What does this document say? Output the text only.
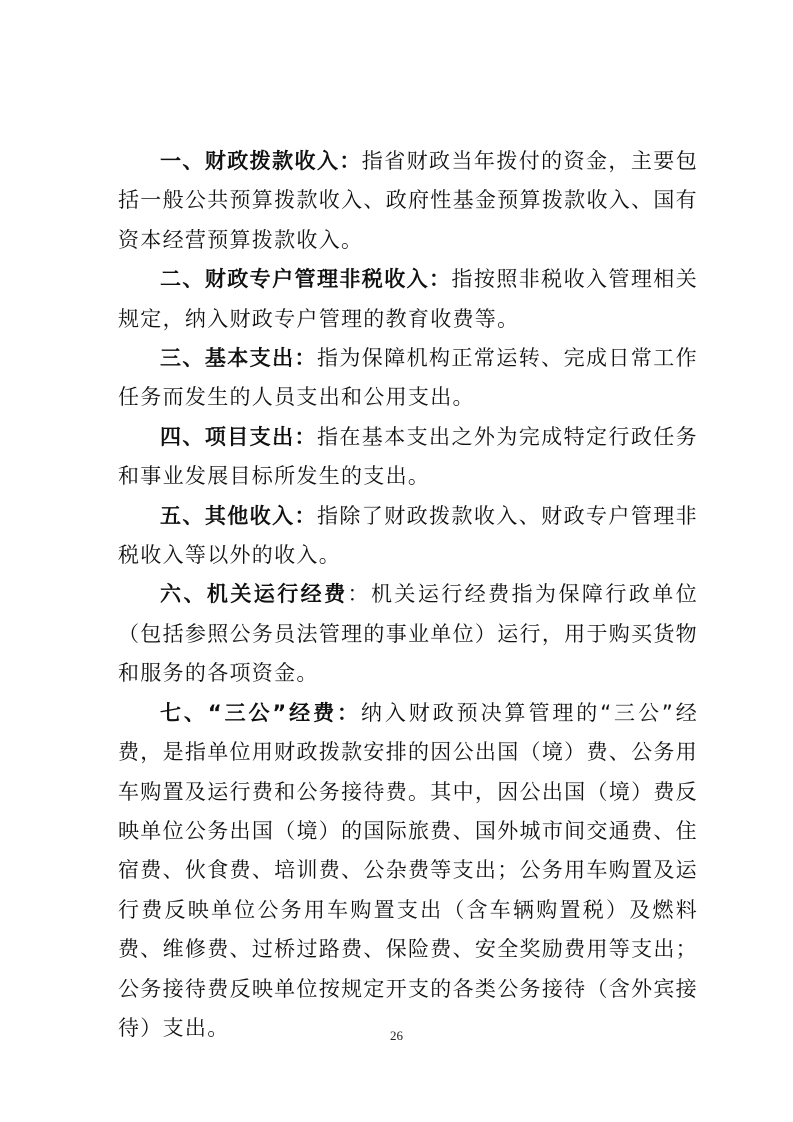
一、财政拨款收入：指省财政当年拨付的资金，主要包括一般公共预算拨款收入、政府性基金预算拨款收入、国有资本经营预算拨款收入。

二、财政专户管理非税收入：指按照非税收入管理相关规定，纳入财政专户管理的教育收费等。

三、基本支出：指为保障机构正常运转、完成日常工作任务而发生的人员支出和公用支出。

四、项目支出：指在基本支出之外为完成特定行政任务和事业发展目标所发生的支出。

五、其他收入：指除了财政拨款收入、财政专户管理非税收入等以外的收入。

六、机关运行经费：机关运行经费指为保障行政单位（包括参照公务员法管理的事业单位）运行，用于购买货物和服务的各项资金。

七、“三公”经费：纳入财政预决算管理的“三公”经费，是指单位用财政拨款安排的因公出国（境）费、公务用车购置及运行费和公务接待费。其中，因公出国（境）费反映单位公务出国（境）的国际旅费、国外城市间交通费、住宿费、伙食费、培训费、公杂费等支出；公务用车购置及运行费反映单位公务用车购置支出（含车辆购置税）及燃料费、维修费、过桥过路费、保险费、安全奖励费用等支出；公务接待费反映单位按规定开支的各类公务接待（含外宾接待）支出。	26
